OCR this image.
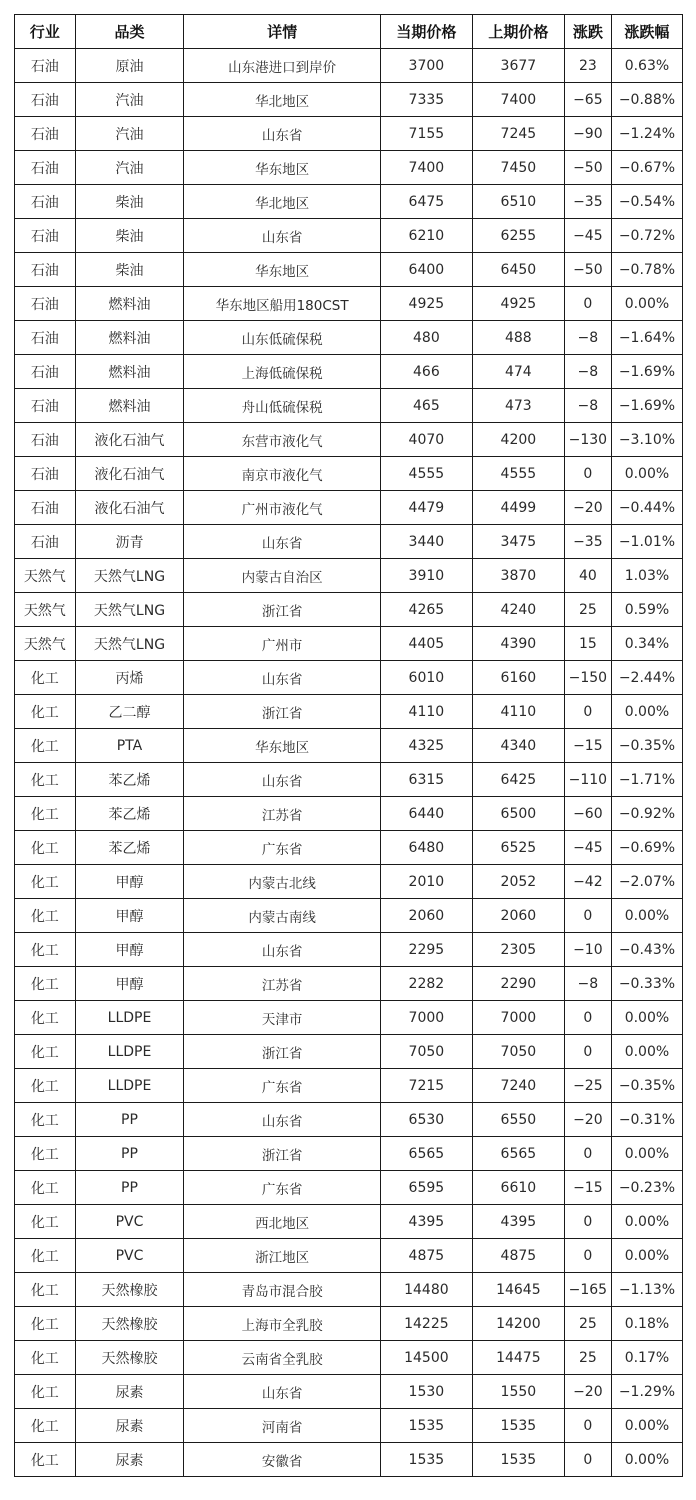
行业	品类	详情	当期价格	上期价格	涨跌	涨跌幅
石油	原油	山东港进口到岸价	3700	3677	23	0.63%
石油	汽油	华北地区	7335	7400	−65	−0.88%
石油	汽油	山东省	7155	7245	−90	−1.24%
石油	汽油	华东地区	7400	7450	−50	−0.67%
石油	柴油	华北地区	6475	6510	−35	−0.54%
石油	柴油	山东省	6210	6255	−45	−0.72%
石油	柴油	华东地区	6400	6450	−50	−0.78%
石油	燃料油	华东地区船用180CST	4925	4925	0	0.00%
石油	燃料油	山东低硫保税	480	488	−8	−1.64%
石油	燃料油	上海低硫保税	466	474	−8	−1.69%
石油	燃料油	舟山低硫保税	465	473	−8	−1.69%
石油	液化石油气	东营市液化气	4070	4200	−130	−3.10%
石油	液化石油气	南京市液化气	4555	4555	0	0.00%
石油	液化石油气	广州市液化气	4479	4499	−20	−0.44%
石油	沥青	山东省	3440	3475	−35	−1.01%
天然气	天然气LNG	内蒙古自治区	3910	3870	40	1.03%
天然气	天然气LNG	浙江省	4265	4240	25	0.59%
天然气	天然气LNG	广州市	4405	4390	15	0.34%
化工	丙烯	山东省	6010	6160	−150	−2.44%
化工	乙二醇	浙江省	4110	4110	0	0.00%
化工	PTA	华东地区	4325	4340	−15	−0.35%
化工	苯乙烯	山东省	6315	6425	−110	−1.71%
化工	苯乙烯	江苏省	6440	6500	−60	−0.92%
化工	苯乙烯	广东省	6480	6525	−45	−0.69%
化工	甲醇	内蒙古北线	2010	2052	−42	−2.07%
化工	甲醇	内蒙古南线	2060	2060	0	0.00%
化工	甲醇	山东省	2295	2305	−10	−0.43%
化工	甲醇	江苏省	2282	2290	−8	−0.33%
化工	LLDPE	天津市	7000	7000	0	0.00%
化工	LLDPE	浙江省	7050	7050	0	0.00%
化工	LLDPE	广东省	7215	7240	−25	−0.35%
化工	PP	山东省	6530	6550	−20	−0.31%
化工	PP	浙江省	6565	6565	0	0.00%
化工	PP	广东省	6595	6610	−15	−0.23%
化工	PVC	西北地区	4395	4395	0	0.00%
化工	PVC	浙江地区	4875	4875	0	0.00%
化工	天然橡胶	青岛市混合胶	14480	14645	−165	−1.13%
化工	天然橡胶	上海市全乳胶	14225	14200	25	0.18%
化工	天然橡胶	云南省全乳胶	14500	14475	25	0.17%
化工	尿素	山东省	1530	1550	−20	−1.29%
化工	尿素	河南省	1535	1535	0	0.00%
化工	尿素	安徽省	1535	1535	0	0.00%
